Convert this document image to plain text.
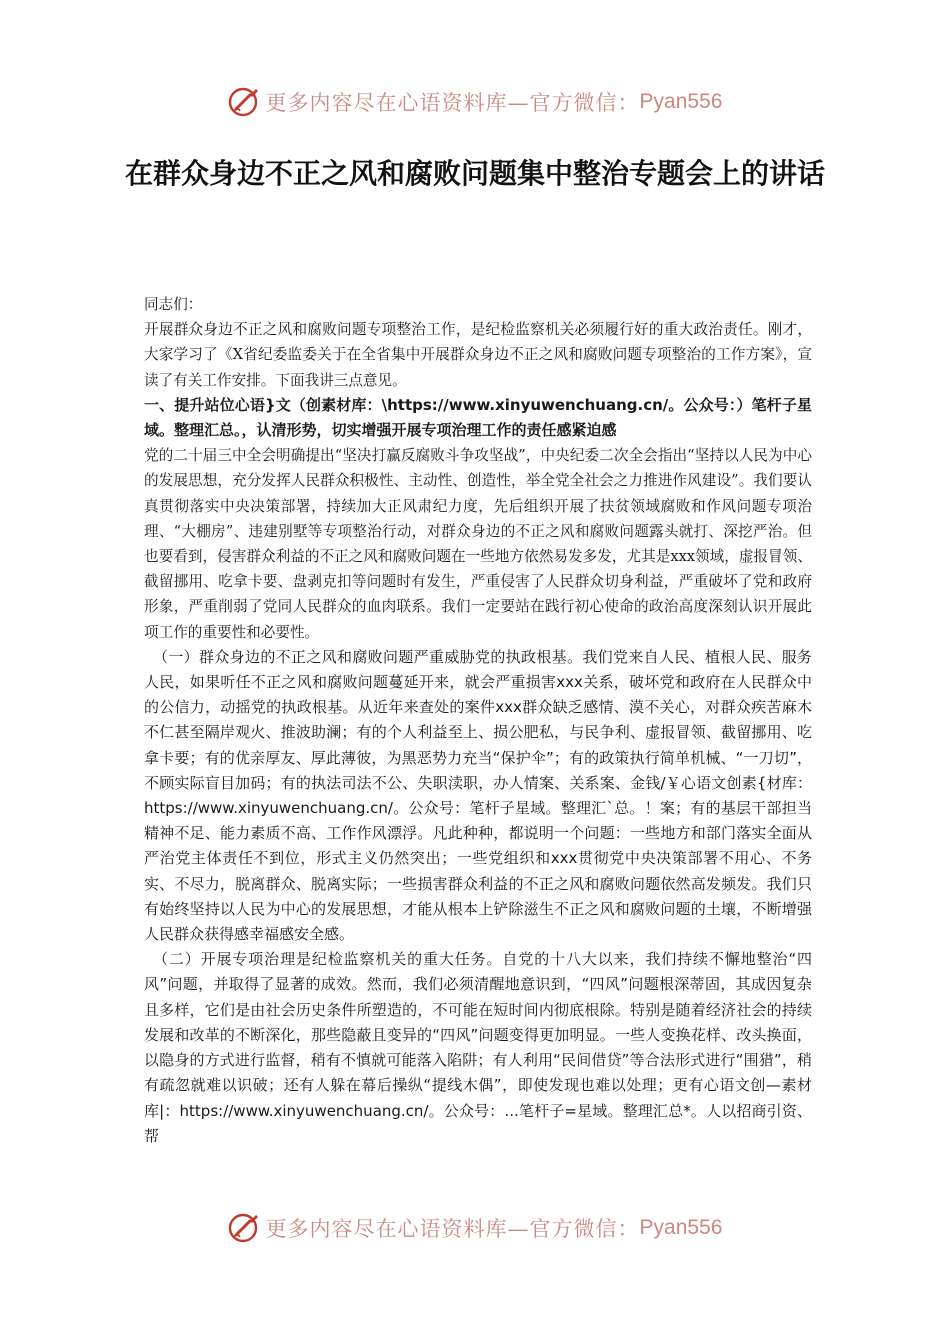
更多内容尽在心语资料库—官方微信： Pyan556
在群众身边不正之风和腐败问题集中整治专题会上的讲话

同志们：

开展群众身边不正之风和腐败问题专项整治工作，是纪检监察机关必须履行好的重大政治责任。刚才，大家学习了《X省纪委监委关于在全省集中开展群众身边不正之风和腐败问题专项整治的工作方案》，宣读了有关工作安排。下面我讲三点意见。

一、提升站位心语}文（创素材库：\https://www.xinyuwenchuang.cn/。公众号：）笔杆子星域。整理汇总。，认清形势，切实增强开展专项治理工作的责任感紧迫感

党的二十届三中全会明确提出“坚决打赢反腐败斗争攻坚战”，中央纪委二次全会指出“坚持以人民为中心的发展思想，充分发挥人民群众积极性、主动性、创造性，举全党全社会之力推进作风建设”。我们要认真贯彻落实中央决策部署，持续加大正风肃纪力度，先后组织开展了扶贫领域腐败和作风问题专项治理、“大棚房”、违建别墅等专项整治行动，对群众身边的不正之风和腐败问题露头就打、深挖严治。但也要看到，侵害群众利益的不正之风和腐败问题在一些地方依然易发多发，尤其是xxx领域，虚报冒领、截留挪用、吃拿卡要、盘剥克扣等问题时有发生，严重侵害了人民群众切身利益，严重破坏了党和政府形象，严重削弱了党同人民群众的血肉联系。我们一定要站在践行初心使命的政治高度深刻认识开展此项工作的重要性和必要性。

（一）群众身边的不正之风和腐败问题严重威胁党的执政根基。我们党来自人民、植根人民、服务人民，如果听任不正之风和腐败问题蔓延开来，就会严重损害xxx关系，破坏党和政府在人民群众中的公信力，动摇党的执政根基。从近年来查处的案件xxx群众缺乏感情、漠不关心，对群众疾苦麻木不仁甚至隔岸观火、推波助澜；有的个人利益至上、损公肥私，与民争利、虚报冒领、截留挪用、吃拿卡要；有的优亲厚友、厚此薄彼，为黑恶势力充当“保护伞”；有的政策执行简单机械、“一刀切”，不顾实际盲目加码；有的执法司法不公、失职渎职，办人情案、关系案、金钱/￥心语文创素{材库：https://www.xinyuwenchuang.cn/。公众号：笔杆子星域。整理汇`总。！案；有的基层干部担当精神不足、能力素质不高、工作作风漂浮。凡此种种，都说明一个问题：一些地方和部门落实全面从严治党主体责任不到位，形式主义仍然突出；一些党组织和xxx贯彻党中央决策部署不用心、不务实、不尽力，脱离群众、脱离实际；一些损害群众利益的不正之风和腐败问题依然高发频发。我们只有始终坚持以人民为中心的发展思想，才能从根本上铲除滋生不正之风和腐败问题的土壤，不断增强人民群众获得感幸福感安全感。

（二）开展专项治理是纪检监察机关的重大任务。自党的十八大以来，我们持续不懈地整治“四风”问题，并取得了显著的成效。然而，我们必须清醒地意识到，“四风”问题根深蒂固，其成因复杂且多样，它们是由社会历史条件所塑造的，不可能在短时间内彻底根除。特别是随着经济社会的持续发展和改革的不断深化，那些隐蔽且变异的“四风”问题变得更加明显。一些人变换花样、改头换面，以隐身的方式进行监督，稍有不慎就可能落入陷阱；有人利用“民间借贷”等合法形式进行“围猎”，稍有疏忽就难以识破；还有人躲在幕后操纵“提线木偶”，即使发现也难以处理；更有心语文创—素材库|：https://www.xinyuwenchuang.cn/。公众号：...笔杆子=星域。整理汇总*。人以招商引资、帮

更多内容尽在心语资料库—官方微信： Pyan556
